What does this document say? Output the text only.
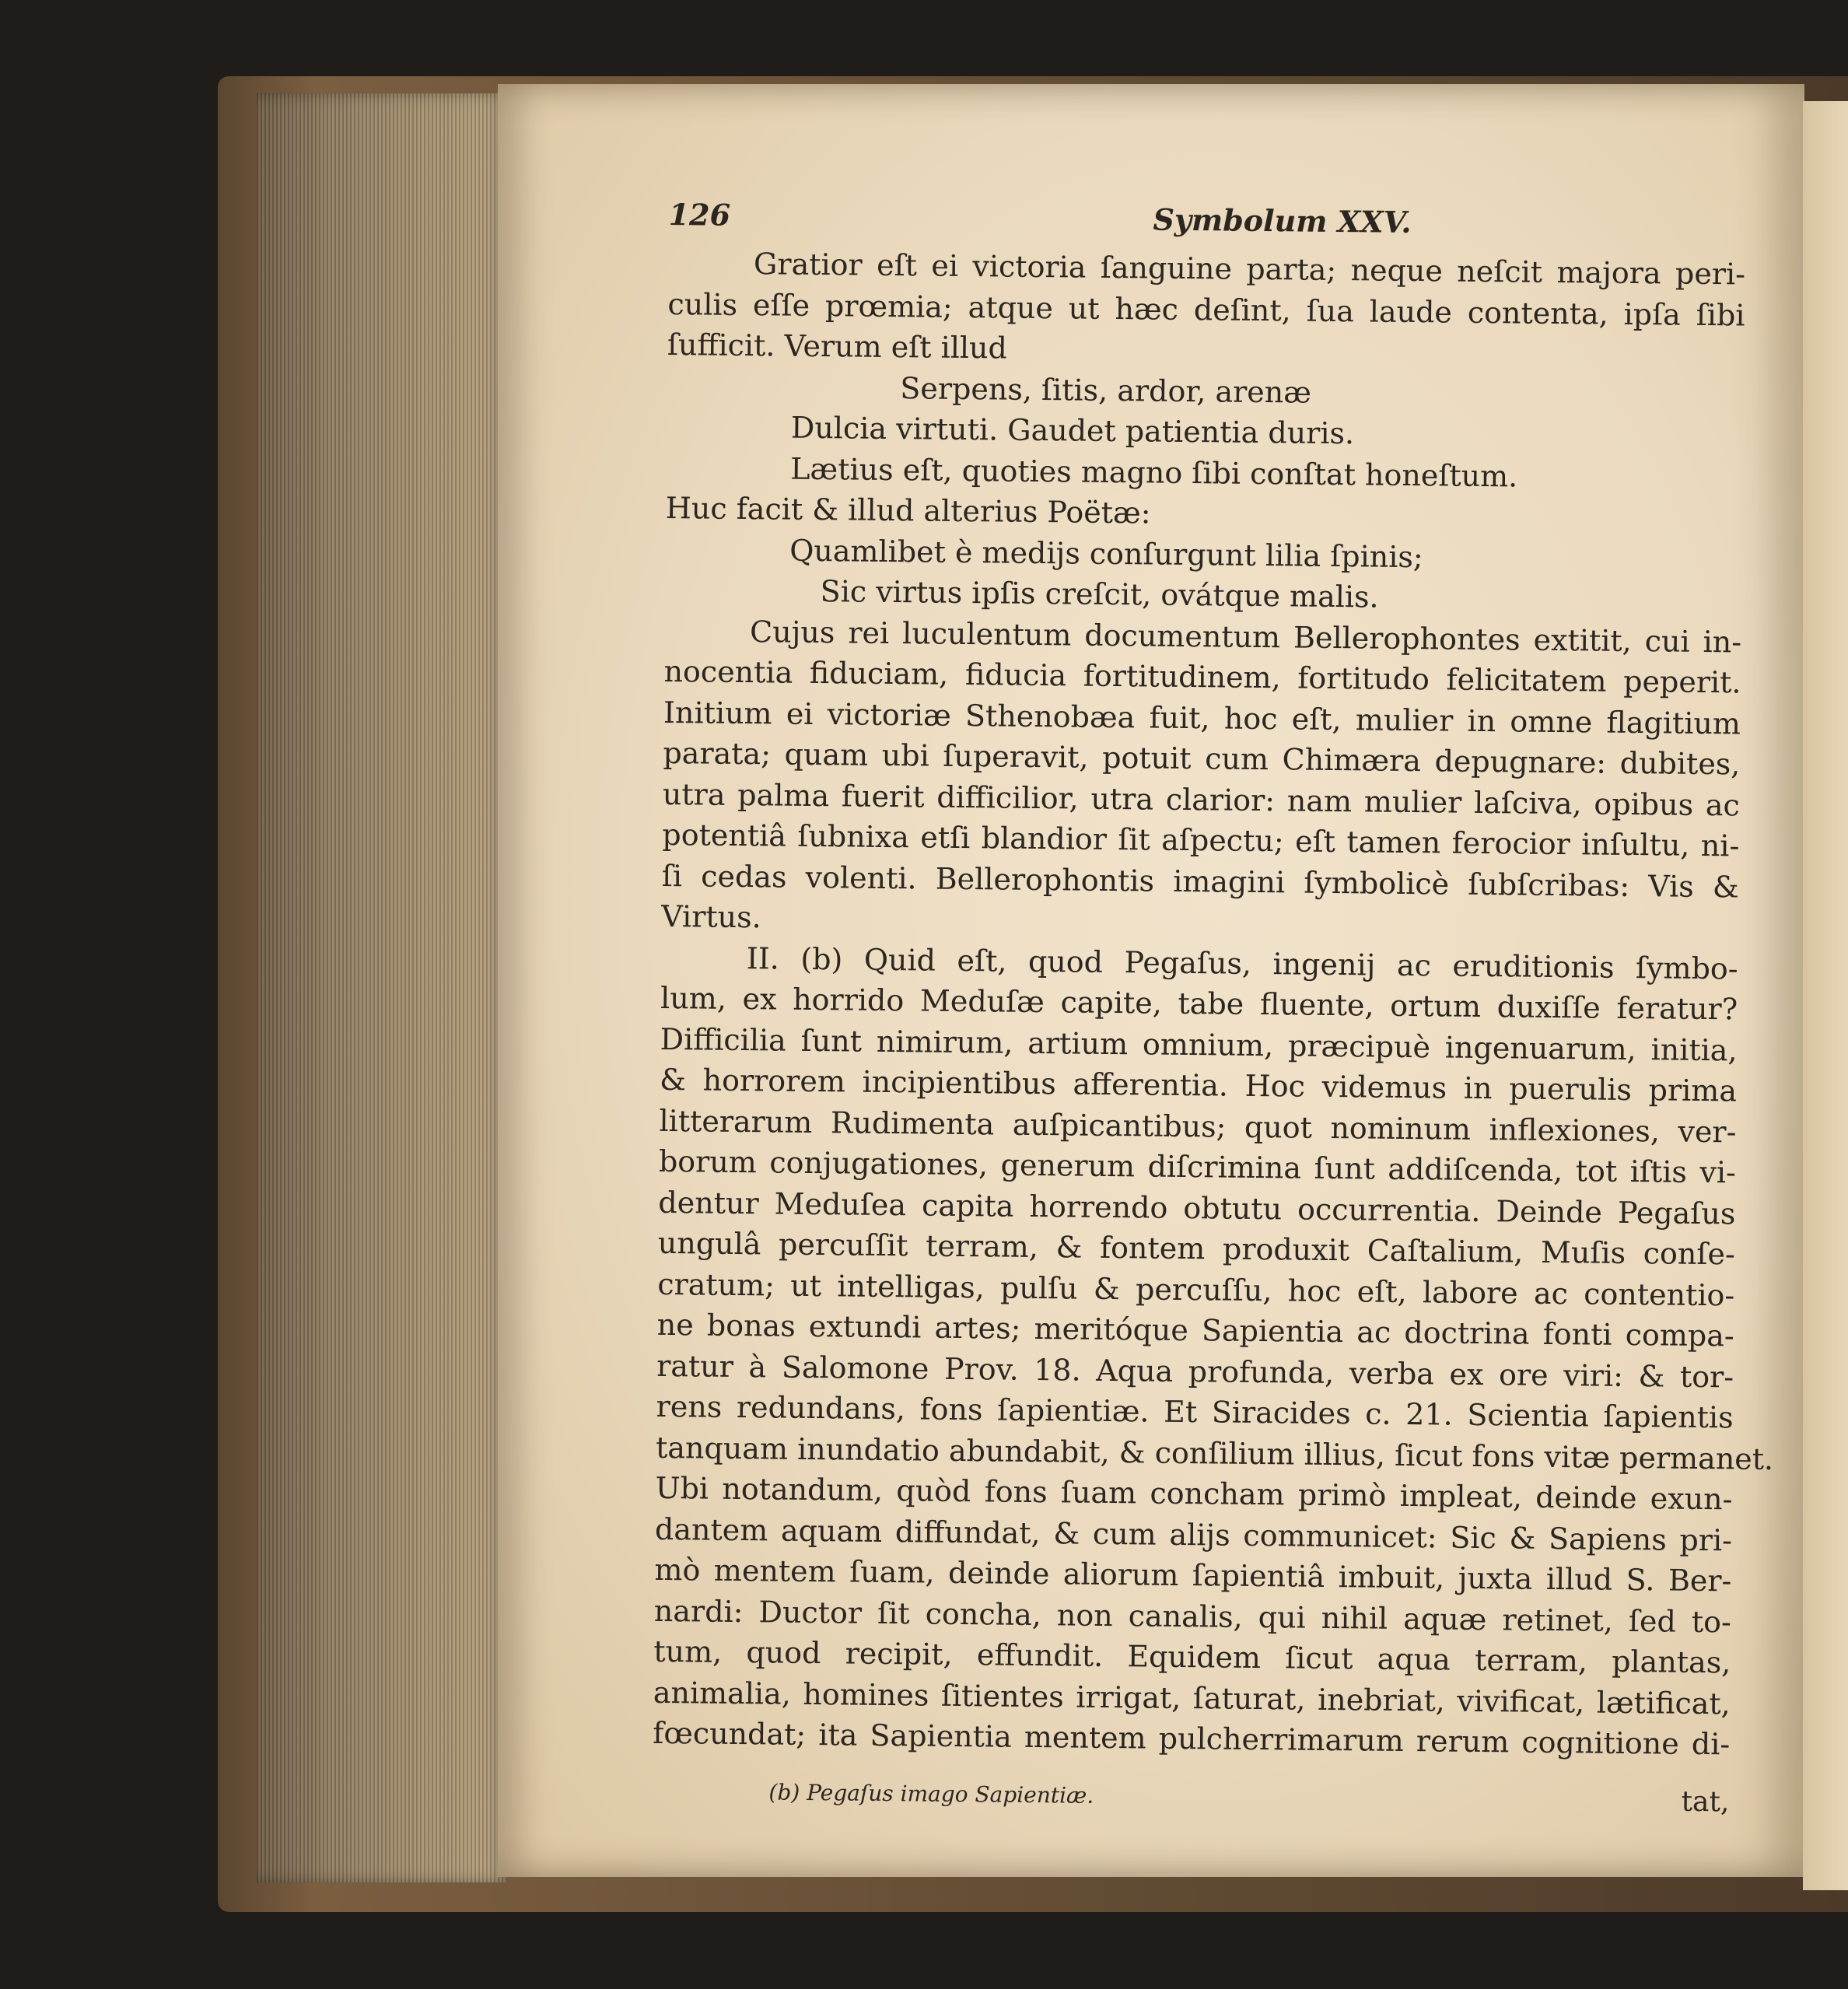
126	Symbolum XXV.
Gratior eſt ei victoria ſanguine parta; neque neſcit majora peri-
culis eſſe prœmia; atque ut hæc deſint, ſua laude contenta, ipſa ſibi
ſufficit. Verum eſt illud
Serpens, ſitis, ardor, arenæ
Dulcia virtuti. Gaudet patientia duris.
Lætius eſt, quoties magno ſibi conſtat honeſtum.
Huc facit & illud alterius Poëtæ:
Quamlibet è medijs conſurgunt lilia ſpinis;
Sic virtus ipſis creſcit, ovátque malis.
Cujus rei luculentum documentum Bellerophontes extitit, cui in-
nocentia fiduciam, fiducia fortitudinem, fortitudo felicitatem peperit.
Initium ei victoriæ Sthenobæa fuit, hoc eſt, mulier in omne flagitium
parata; quam ubi ſuperavit, potuit cum Chimæra depugnare: dubites,
utra palma fuerit difficilior, utra clarior: nam mulier laſciva, opibus ac
potentiâ ſubnixa etſi blandior ſit aſpectu; eſt tamen ferocior inſultu, ni-
ſi cedas volenti. Bellerophontis imagini ſymbolicè ſubſcribas: Vis &
Virtus.
II. (b) Quid eſt, quod Pegaſus, ingenij ac eruditionis ſymbo-
lum, ex horrido Meduſæ capite, tabe fluente, ortum duxiſſe feratur?
Difficilia ſunt nimirum, artium omnium, præcipuè ingenuarum, initia,
& horrorem incipientibus afferentia. Hoc videmus in puerulis prima
litterarum Rudimenta auſpicantibus; quot nominum inflexiones, ver-
borum conjugationes, generum diſcrimina ſunt addiſcenda, tot iſtis vi-
dentur Meduſea capita horrendo obtutu occurrentia. Deinde Pegaſus
ungulâ percuſſit terram, & fontem produxit Caſtalium, Muſis conſe-
cratum; ut intelligas, pulſu & percuſſu, hoc eſt, labore ac contentio-
ne bonas extundi artes; meritóque Sapientia ac doctrina fonti compa-
ratur à Salomone Prov. 18. Aqua profunda, verba ex ore viri: & tor-
rens redundans, fons ſapientiæ. Et Siracides c. 21. Scientia ſapientis
tanquam inundatio abundabit, & conſilium illius, ſicut fons vitæ permanet.
Ubi notandum, quòd fons ſuam concham primò impleat, deinde exun-
dantem aquam diffundat, & cum alijs communicet: Sic & Sapiens pri-
mò mentem ſuam, deinde aliorum ſapientiâ imbuit, juxta illud S. Ber-
nardi: Ductor ſit concha, non canalis, qui nihil aquæ retinet, ſed to-
tum, quod recipit, effundit. Equidem ſicut aqua terram, plantas,
animalia, homines ſitientes irrigat, ſaturat, inebriat, vivificat, lætificat,
fœcundat; ita Sapientia mentem pulcherrimarum rerum cognitione di-
(b) Pegaſus imago Sapientiæ.	tat,
